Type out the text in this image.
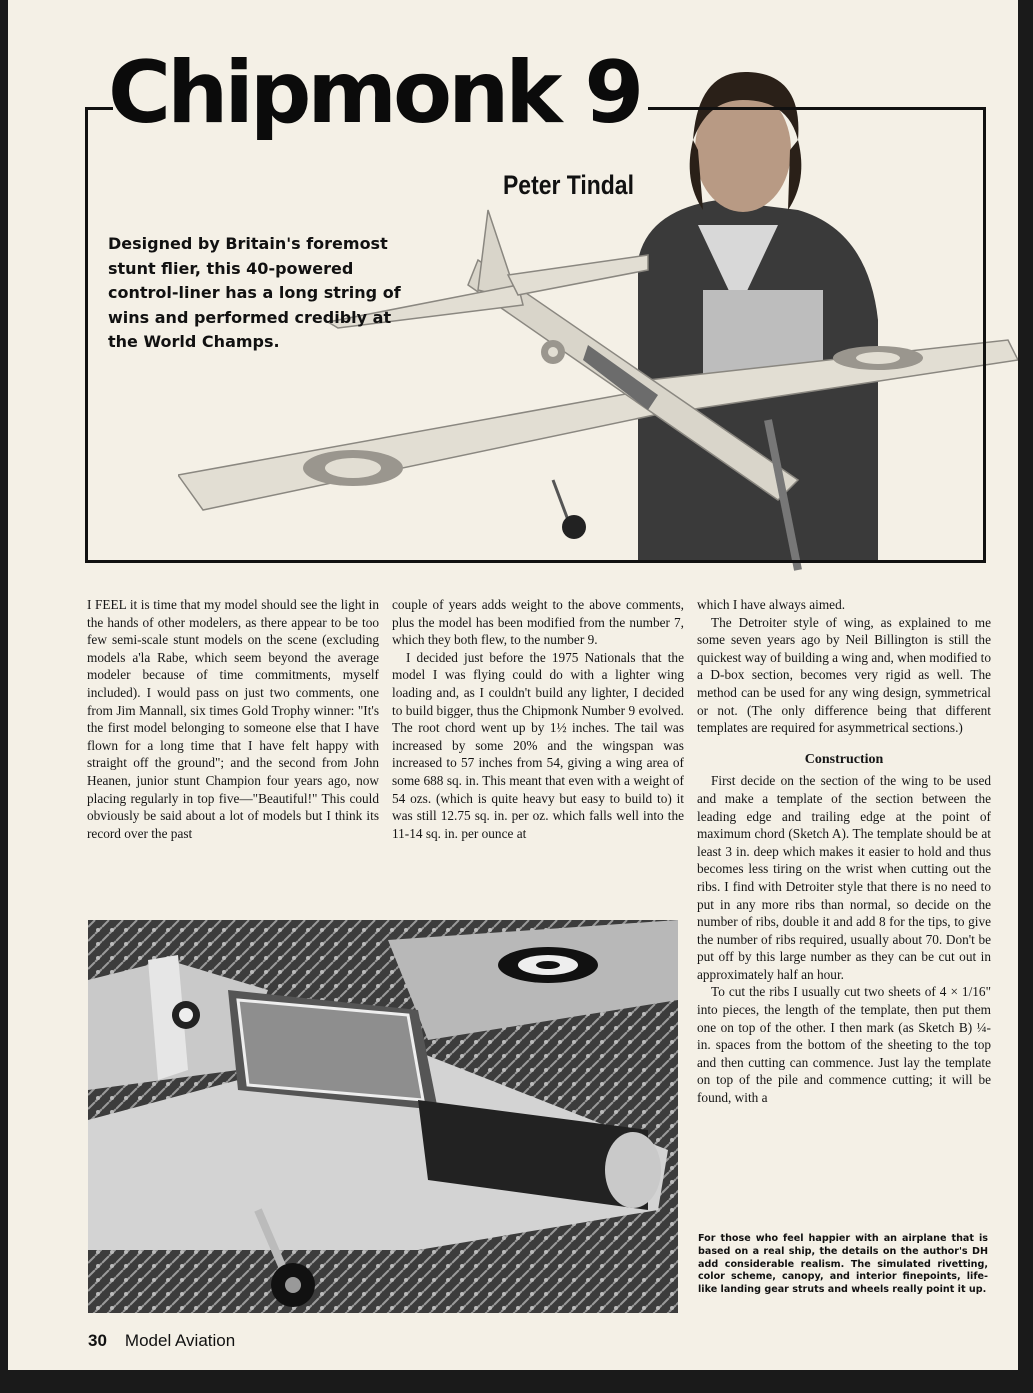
Chipmonk 9
Peter Tindal
Designed by Britain's foremost stunt flier, this 40-powered control-liner has a long string of wins and performed credibly at the World Champs.

I FEEL it is time that my model should see the light in the hands of other modelers, as there appear to be too few semi-scale stunt models on the scene (excluding models a'la Rabe, which seem beyond the average modeler because of time commitments, myself included). I would pass on just two comments, one from Jim Mannall, six times Gold Trophy winner: "It's the first model belonging to someone else that I have flown for a long time that I have felt happy with straight off the ground"; and the second from John Heanen, junior stunt Champion four years ago, now placing regularly in top five—"Beautiful!" This could obviously be said about a lot of models but I think its record over the past

couple of years adds weight to the above comments, plus the model has been modified from the number 7, which they both flew, to the number 9.

I decided just before the 1975 Nationals that the model I was flying could do with a lighter wing loading and, as I couldn't build any lighter, I decided to build bigger, thus the Chipmonk Number 9 evolved. The root chord went up by 1½ inches. The tail was increased by some 20% and the wingspan was increased to 57 inches from 54, giving a wing area of some 688 sq. in. This meant that even with a weight of 54 ozs. (which is quite heavy but easy to build to) it was still 12.75 sq. in. per oz. which falls well into the 11-14 sq. in. per ounce at

which I have always aimed.

The Detroiter style of wing, as explained to me some seven years ago by Neil Billington is still the quickest way of building a wing and, when modified to a D-box section, becomes very rigid as well. The method can be used for any wing design, symmetrical or not. (The only difference being that different templates are required for asymmetrical sections.)

Construction

First decide on the section of the wing to be used and make a template of the section between the leading edge and trailing edge at the point of maximum chord (Sketch A). The template should be at least 3 in. deep which makes it easier to hold and thus becomes less tiring on the wrist when cutting out the ribs. I find with Detroiter style that there is no need to put in any more ribs than normal, so decide on the number of ribs, double it and add 8 for the tips, to give the number of ribs required, usually about 70. Don't be put off by this large number as they can be cut out in approximately half an hour.

To cut the ribs I usually cut two sheets of 4 × 1/16" into pieces, the length of the template, then put them one on top of the other. I then mark (as Sketch B) ¼-in. spaces from the bottom of the sheeting to the top and then cutting can commence. Just lay the template on top of the pile and commence cutting; it will be found, with a

For those who feel happier with an airplane that is based on a real ship, the details on the author's DH add considerable realism. The simulated rivetting, color scheme, canopy, and interior finepoints, life-like landing gear struts and wheels really point it up.
30 Model Aviation
